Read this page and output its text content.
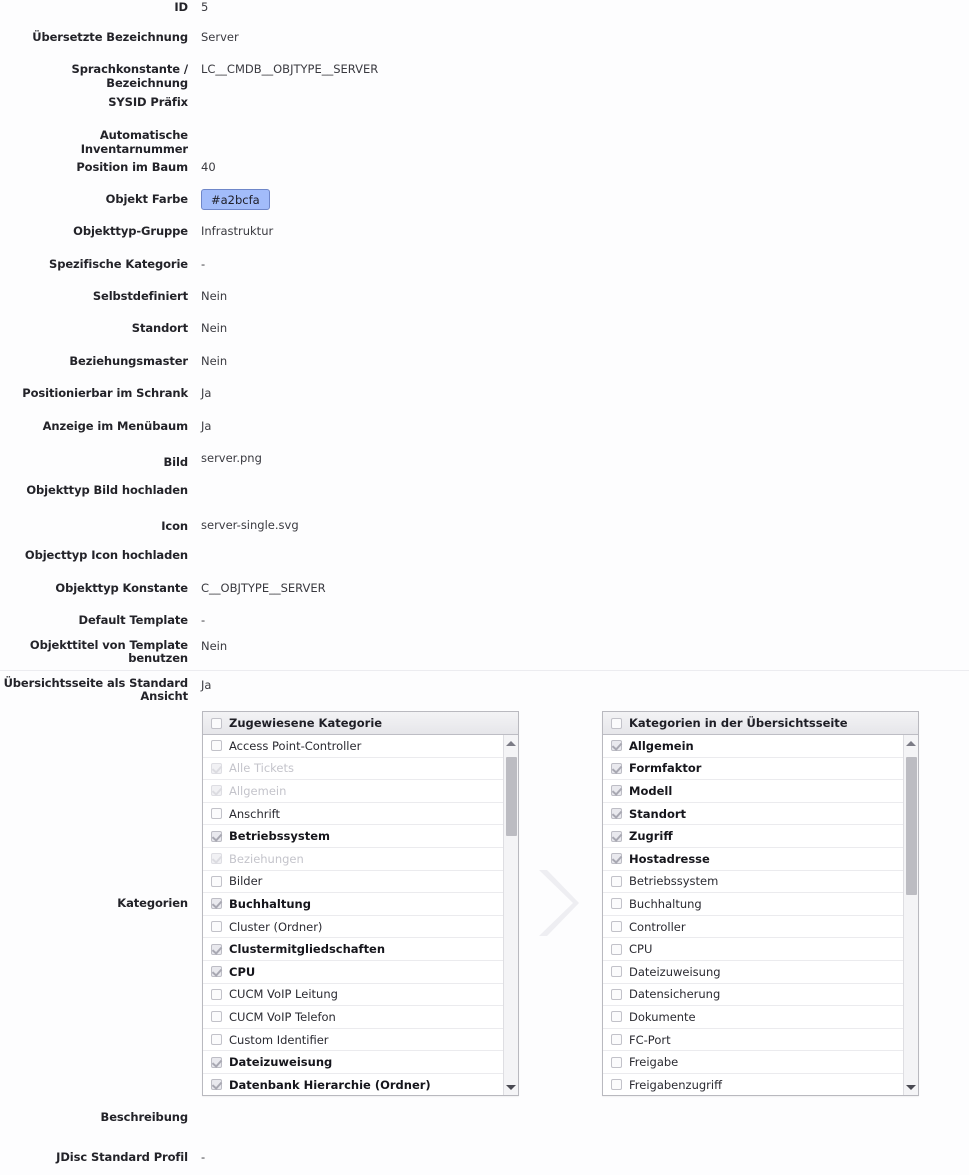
ID 5
Übersetzte Bezeichnung Server
Sprachkonstante / Bezeichnung
LC__CMDB__OBJTYPE__SERVER
SYSID Präfix
Automatische Inventarnummer
Position im Baum 40
Objekt Farbe
Objekttyp-Gruppe Infrastruktur
Spezifische Kategorie -
Selbstdefiniert Nein
Standort Nein
Beziehungsmaster Nein
Positionierbar im Schrank Ja
Anzeige im Menübaum Ja
Bild server.png
Objekttyp Bild hochladen
Icon server-single.svg
Objecttyp Icon hochladen
Objekttyp Konstante C__OBJTYPE__SERVER
Default Template -
Objekttitel von Template benutzen
Nein
Übersichtsseite als Standard Ansicht
Ja
Kategorien
Beschreibung
JDisc Standard Profil -
#a2bcfa
Zugewiesene Kategorie
Access Point-Controller
Alle Tickets
Allgemein
Anschrift
Betriebssystem
Beziehungen
Bilder
Buchhaltung
Cluster (Ordner)
Clustermitgliedschaften
CPU
CUCM VoIP Leitung
CUCM VoIP Telefon
Custom Identifier
Dateizuweisung
Datenbank Hierarchie (Ordner)
Kategorien in der Übersichtsseite
Allgemein
Formfaktor
Modell
Standort
Zugriff
Hostadresse
Betriebssystem
Buchhaltung
Controller
CPU
Dateizuweisung
Datensicherung
Dokumente
FC-Port
Freigabe
Freigabenzugriff
